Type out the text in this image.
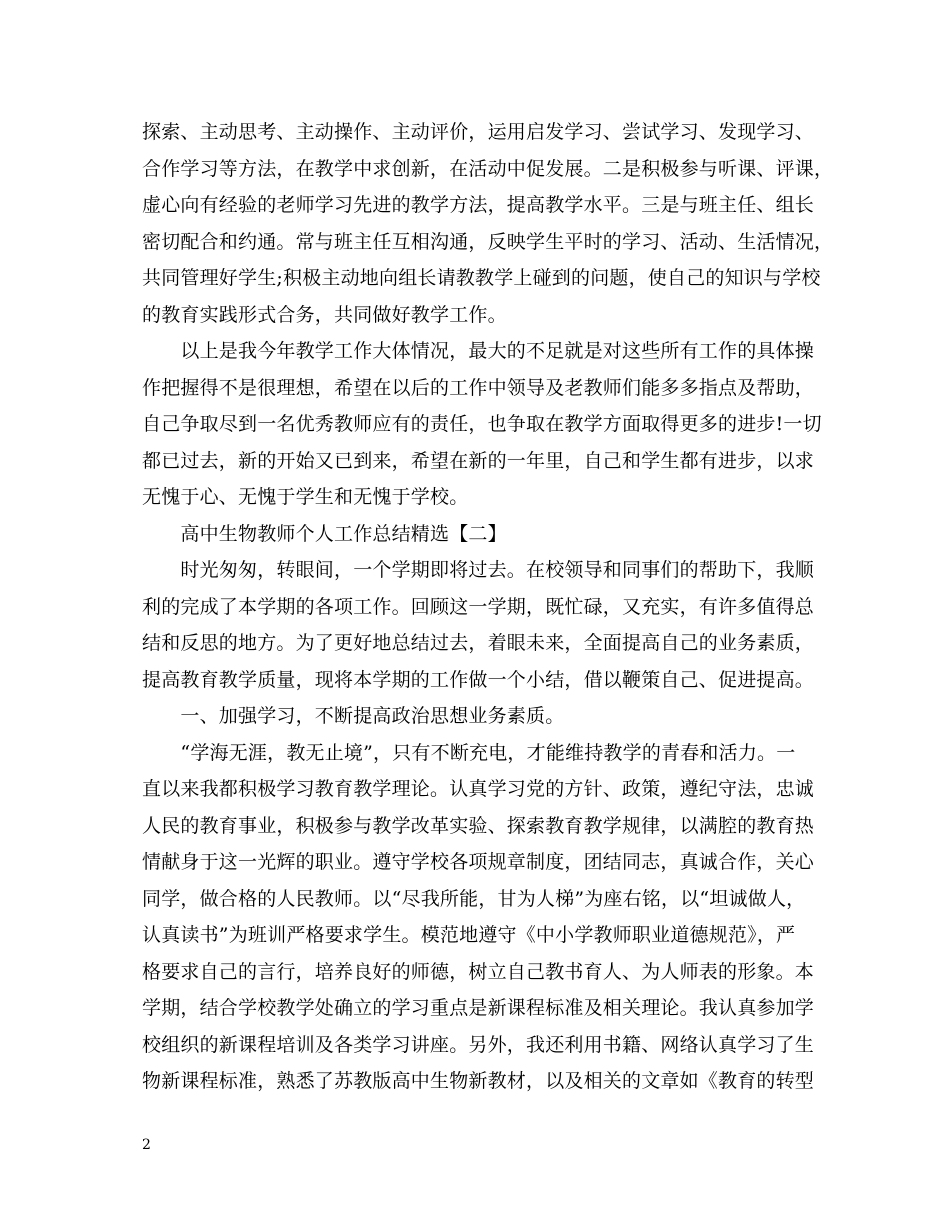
探索、主动思考、主动操作、主动评价，运用启发学习、尝试学习、发现学习、
合作学习等方法，在教学中求创新，在活动中促发展。二是积极参与听课、评课，
虚心向有经验的老师学习先进的教学方法，提高教学水平。三是与班主任、组长
密切配合和约通。常与班主任互相沟通，反映学生平时的学习、活动、生活情况，
共同管理好学生;积极主动地向组长请教教学上碰到的问题，使自己的知识与学校
的教育实践形式合务，共同做好教学工作。
　　以上是我今年教学工作大体情况，最大的不足就是对这些所有工作的具体操
作把握得不是很理想，希望在以后的工作中领导及老教师们能多多指点及帮助，
自己争取尽到一名优秀教师应有的责任，也争取在教学方面取得更多的进步!一切
都已过去，新的开始又已到来，希望在新的一年里，自己和学生都有进步，以求
无愧于心、无愧于学生和无愧于学校。
　　高中生物教师个人工作总结精选【二】
　　时光匆匆，转眼间，一个学期即将过去。在校领导和同事们的帮助下，我顺
利的完成了本学期的各项工作。回顾这一学期，既忙碌，又充实，有许多值得总
结和反思的地方。为了更好地总结过去，着眼未来，全面提高自己的业务素质，
提高教育教学质量，现将本学期的工作做一个小结，借以鞭策自己、促进提高。
　　一、加强学习，不断提高政治思想业务素质。
　　“学海无涯，教无止境”，只有不断充电，才能维持教学的青春和活力。一
直以来我都积极学习教育教学理论。认真学习党的方针、政策，遵纪守法，忠诚
人民的教育事业，积极参与教学改革实验、探索教育教学规律，以满腔的教育热
情献身于这一光辉的职业。遵守学校各项规章制度，团结同志，真诚合作，关心
同学，做合格的人民教师。以“尽我所能，甘为人梯”为座右铭，以“坦诚做人，
认真读书”为班训严格要求学生。模范地遵守《中小学教师职业道德规范》，严
格要求自己的言行，培养良好的师德，树立自己教书育人、为人师表的形象。本
学期，结合学校教学处确立的学习重点是新课程标准及相关理论。我认真参加学
校组织的新课程培训及各类学习讲座。另外，我还利用书籍、网络认真学习了生
物新课程标准，熟悉了苏教版高中生物新教材，以及相关的文章如《教育的转型
2
